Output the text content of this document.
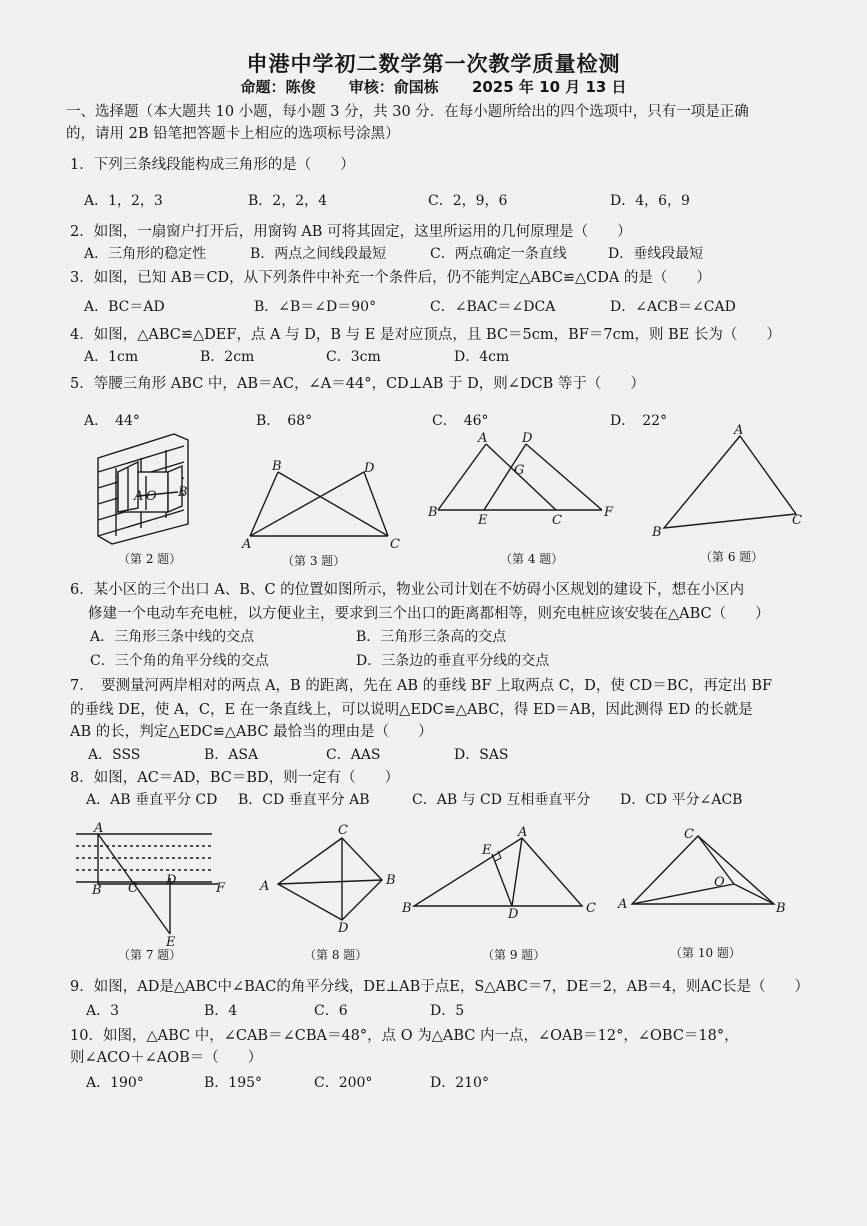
申港中学初二数学第一次教学质量检测
命题：陈俊 审核：俞国栋 2025 年 10 月 13 日
一、选择题（本大题共 10 小题，每小题 3 分，共 30 分．在每小题所给出的四个选项中，只有一项是正确
的，请用 2B 铅笔把答题卡上相应的选项标号涂黑）
1．下列三条线段能构成三角形的是（　　）
A．1，2，3	B．2，2，4	C．2，9，6	D．4，6，9
2．如图，一扇窗户打开后，用窗钩 AB 可将其固定，这里所运用的几何原理是（　　）
A．三角形的稳定性	B．两点之间线段最短	C．两点确定一条直线	D．垂线段最短
3．如图，已知 AB＝CD，从下列条件中补充一个条件后，仍不能判定△ABC≌△CDA 的是（　　）
A．BC＝AD	B．∠B＝∠D＝90°	C．∠BAC＝∠DCA	D．∠ACB＝∠CAD
4．如图，△ABC≌△DEF，点 A 与 D，B 与 E 是对应顶点，且 BC＝5cm，BF＝7cm，则 BE 长为（　　）
A．1cm	B．2cm	C．3cm	D．4cm
5．等腰三角形 ABC 中，AB＝AC，∠A＝44°，CD⊥AB 于 D，则∠DCB 等于（　　）
A．　44°	B．　68°	C．　46°	D．　22°
A O B
（第 2 题）
B	D
A	C
（第 3 题）
A	D
G
B
E	C
F
（第 4 题）
A
B
C
（第 6 题）
6．某小区的三个出口 A、B、C 的位置如图所示，物业公司计划在不妨碍小区规划的建设下，想在小区内
修建一个电动车充电桩，以方便业主，要求到三个出口的距离都相等，则充电桩应该安装在△ABC（　　）
A．三角形三条中线的交点	B．三角形三条高的交点
C．三个角的角平分线的交点	D．三条边的垂直平分线的交点
7．　要测量河两岸相对的两点 A，B 的距离，先在 AB 的垂线 BF 上取两点 C，D，使 CD＝BC，再定出 BF
的垂线 DE，使 A，C，E 在一条直线上，可以说明△EDC≌△ABC，得 ED＝AB，因此测得 ED 的长就是
AB 的长，判定△EDC≌△ABC 最恰当的理由是（　　）
A．SSS	B．ASA	C．AAS	D．SAS
8．如图，AC＝AD，BC＝BD，则一定有（　　）
A．AB 垂直平分 CD B．CD 垂直平分 AB	C．AB 与 CD 互相垂直平分 D．CD 平分∠ACB
A
B C
D
E
F
（第 7 题）
C
A	B
D
（第 8 题）
A
E
B	D	C
（第 9 题）
C
A
O
B
（第 10 题）
9．如图，AD是△ABC中∠BAC的角平分线，DE⊥AB于点E，S△ABC＝7，DE＝2，AB＝4，则AC长是（　　）
A．3	B．4	C．6	D．5
10．如图，△ABC 中，∠CAB＝∠CBA＝48°，点 O 为△ABC 内一点，∠OAB＝12°，∠OBC＝18°，
则∠ACO＋∠AOB＝（　　）
A．190°	B．195°	C．200°	D．210°
